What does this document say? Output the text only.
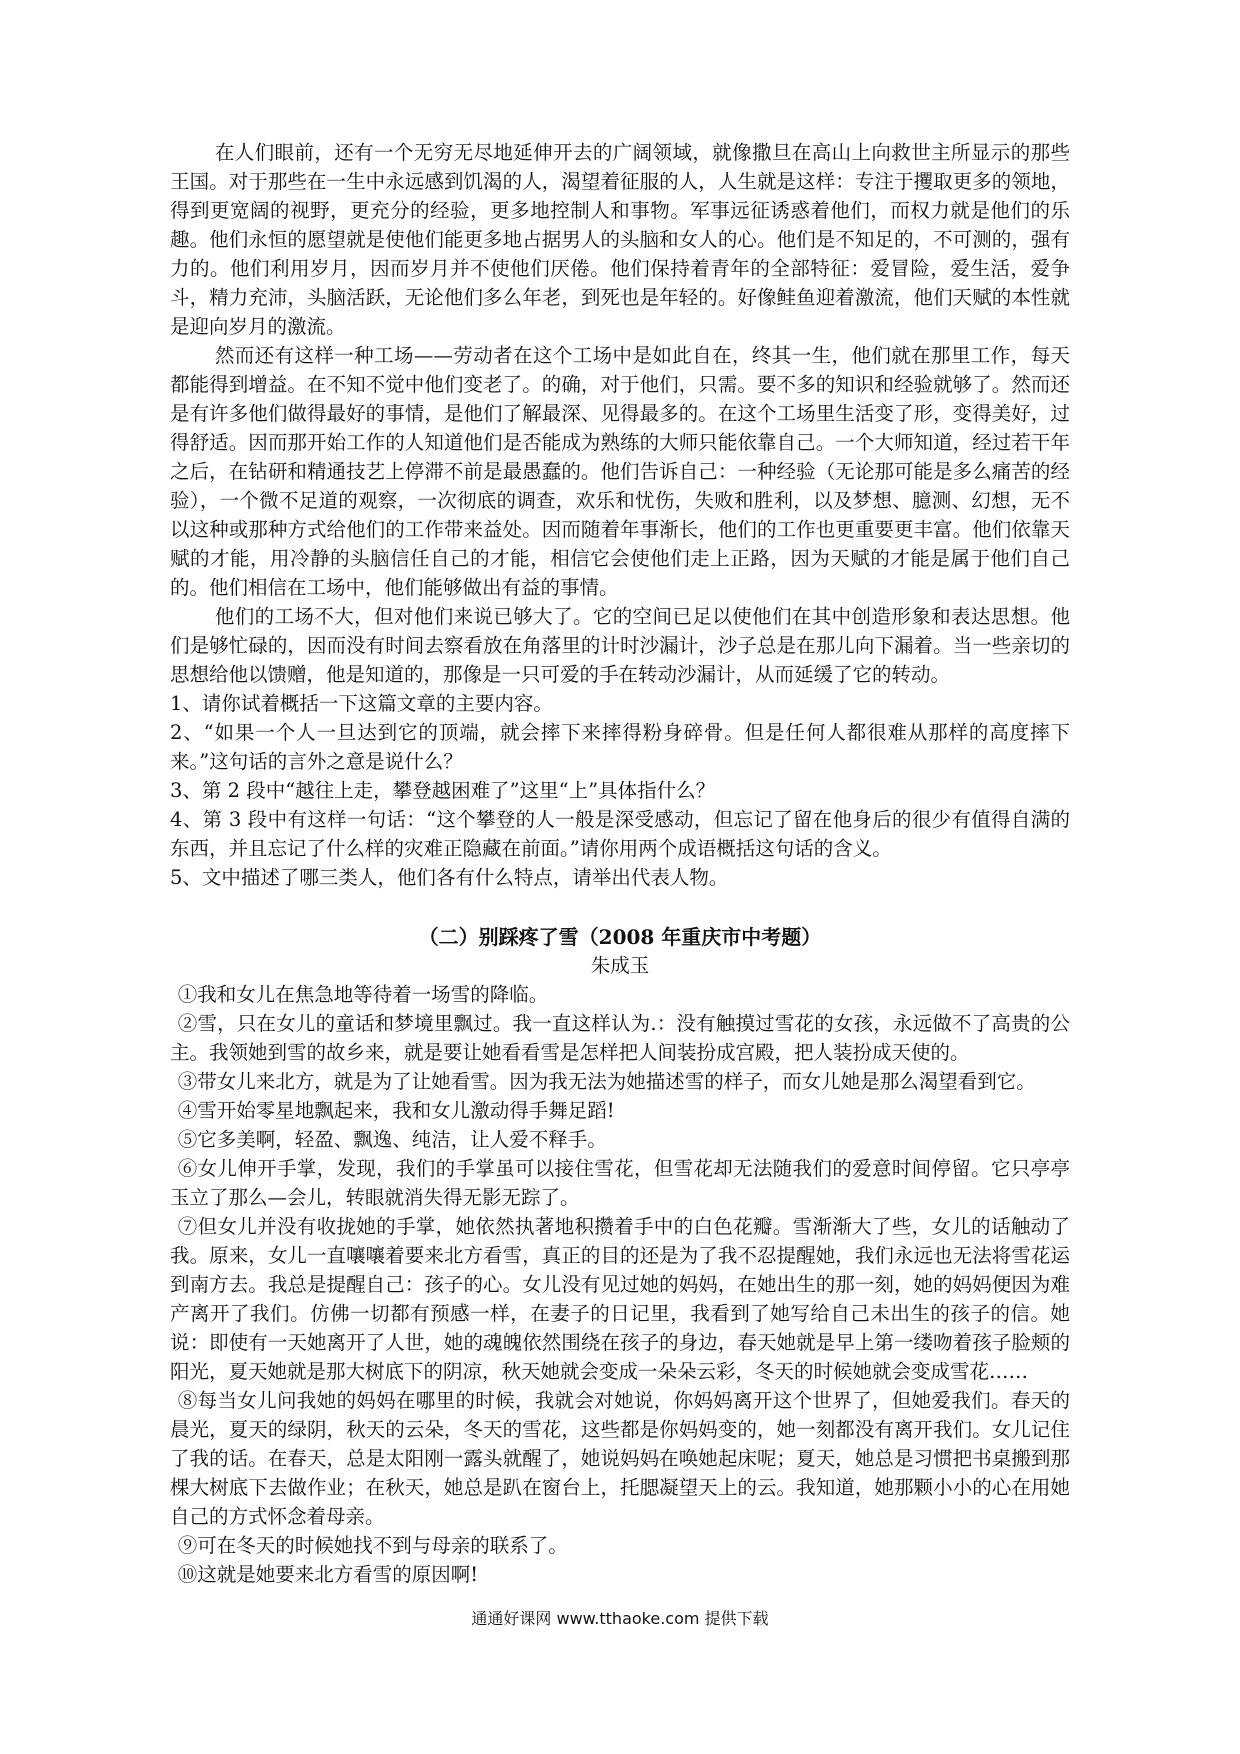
在人们眼前，还有一个无穷无尽地延伸开去的广阔领域，就像撒旦在高山上向救世主所显示的那些王国。对于那些在一生中永远感到饥渴的人，渴望着征服的人，人生就是这样：专注于攫取更多的领地，得到更宽阔的视野，更充分的经验，更多地控制人和事物。军事远征诱惑着他们，而权力就是他们的乐趣。他们永恒的愿望就是使他们能更多地占据男人的头脑和女人的心。他们是不知足的，不可测的，强有力的。他们利用岁月，因而岁月并不使他们厌倦。他们保持着青年的全部特征：爱冒险，爱生活，爱争斗，精力充沛，头脑活跃，无论他们多么年老，到死也是年轻的。好像鲑鱼迎着激流，他们天赋的本性就是迎向岁月的激流。

然而还有这样一种工场——劳动者在这个工场中是如此自在，终其一生，他们就在那里工作，每天都能得到增益。在不知不觉中他们变老了。的确，对于他们，只需。要不多的知识和经验就够了。然而还是有许多他们做得最好的事情，是他们了解最深、见得最多的。在这个工场里生活变了形，变得美好，过得舒适。因而那开始工作的人知道他们是否能成为熟练的大师只能依靠自己。一个大师知道，经过若干年之后，在钻研和精通技艺上停滞不前是最愚蠢的。他们告诉自己：一种经验（无论那可能是多么痛苦的经验），一个微不足道的观察，一次彻底的调查，欢乐和忧伤，失败和胜利，以及梦想、臆测、幻想，无不以这种或那种方式给他们的工作带来益处。因而随着年事渐长，他们的工作也更重要更丰富。他们依靠天赋的才能，用冷静的头脑信任自己的才能，相信它会使他们走上正路，因为天赋的才能是属于他们自己的。他们相信在工场中，他们能够做出有益的事情。

他们的工场不大，但对他们来说已够大了。它的空间已足以使他们在其中创造形象和表达思想。他们是够忙碌的，因而没有时间去察看放在角落里的计时沙漏计，沙子总是在那儿向下漏着。当一些亲切的思想给他以馈赠，他是知道的，那像是一只可爱的手在转动沙漏计，从而延缓了它的转动。

1、请你试着概括一下这篇文章的主要内容。

2、“如果一个人一旦达到它的顶端，就会摔下来摔得粉身碎骨。但是任何人都很难从那样的高度摔下来。”这句话的言外之意是说什么？

3、第 2 段中“越往上走，攀登越困难了”这里“上”具体指什么？

4、第 3 段中有这样一句话：“这个攀登的人一般是深受感动，但忘记了留在他身后的很少有值得自满的东西，并且忘记了什么样的灾难正隐藏在前面。”请你用两个成语概括这句话的含义。

5、文中描述了哪三类人，他们各有什么特点，请举出代表人物。

（二）别踩疼了雪（2008 年重庆市中考题）
朱成玉

①我和女儿在焦急地等待着一场雪的降临。

②雪，只在女儿的童话和梦境里飘过。我一直这样认为.：没有触摸过雪花的女孩，永远做不了高贵的公主。我领她到雪的故乡来，就是要让她看看雪是怎样把人间装扮成宫殿，把人装扮成天使的。

③带女儿来北方，就是为了让她看雪。因为我无法为她描述雪的样子，而女儿她是那么渴望看到它。

④雪开始零星地飘起来，我和女儿激动得手舞足蹈!

⑤它多美啊，轻盈、飘逸、纯洁，让人爱不释手。

⑥女儿伸开手掌，发现，我们的手掌虽可以接住雪花，但雪花却无法随我们的爱意时间停留。它只亭亭玉立了那么—会儿，转眼就消失得无影无踪了。

⑦但女儿并没有收拢她的手掌，她依然执著地积攒着手中的白色花瓣。雪渐渐大了些，女儿的话触动了我。原来，女儿一直嚷嚷着要来北方看雪，真正的目的还是为了我不忍提醒她，我们永远也无法将雪花运到南方去。我总是提醒自己：孩子的心。女儿没有见过她的妈妈，在她出生的那一刻，她的妈妈便因为难产离开了我们。仿佛一切都有预感一样，在妻子的日记里，我看到了她写给自己未出生的孩子的信。她说：即使有一天她离开了人世，她的魂魄依然围绕在孩子的身边，春天她就是早上第一缕吻着孩子脸颊的阳光，夏天她就是那大树底下的阴凉，秋天她就会变成一朵朵云彩，冬天的时候她就会变成雪花……

⑧每当女儿问我她的妈妈在哪里的时候，我就会对她说，你妈妈离开这个世界了，但她爱我们。春天的晨光，夏天的绿阴，秋天的云朵，冬天的雪花，这些都是你妈妈变的，她一刻都没有离开我们。女儿记住了我的话。在春天，总是太阳刚一露头就醒了，她说妈妈在唤她起床呢；夏天，她总是习惯把书桌搬到那棵大树底下去做作业；在秋天，她总是趴在窗台上，托腮凝望天上的云。我知道，她那颗小小的心在用她自己的方式怀念着母亲。

⑨可在冬天的时候她找不到与母亲的联系了。

⑩这就是她要来北方看雪的原因啊!

通通好课网 www.tthaoke.com 提供下载
